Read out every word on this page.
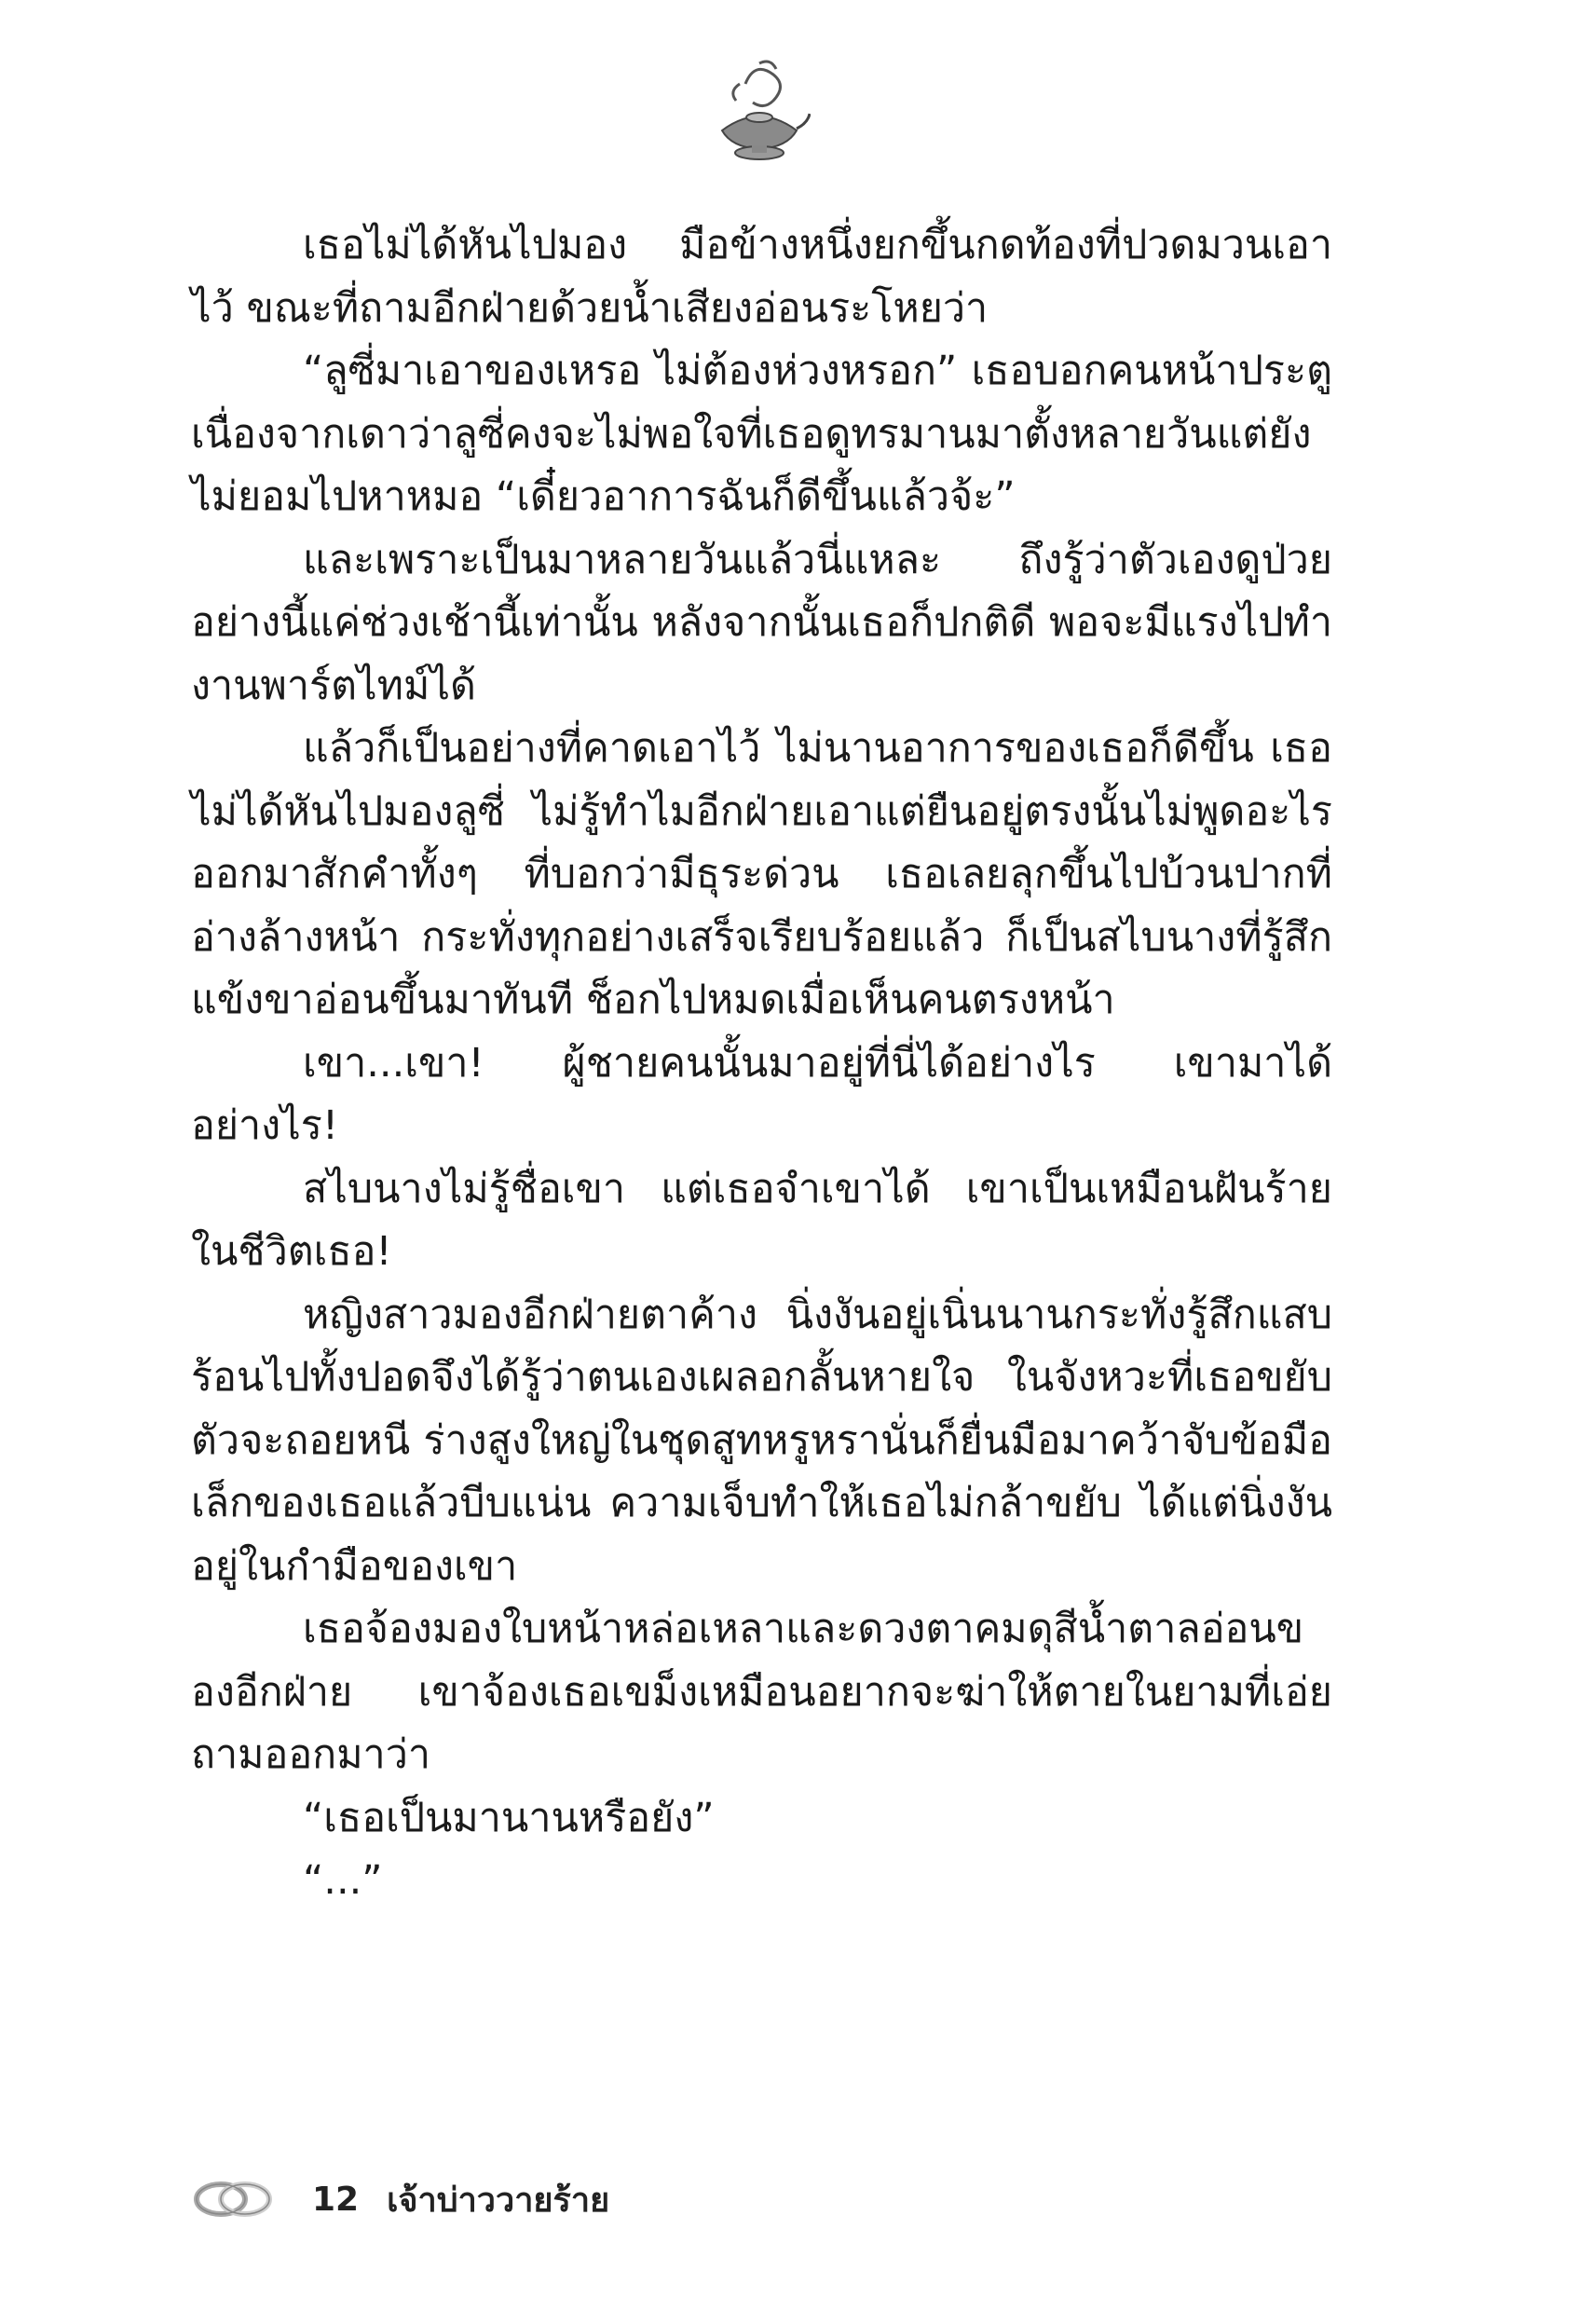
เธอไม่ได้หันไปมอง มือข้างหนึ่งยกขึ้นกดท้องที่ปวดมวนเอาไว้ ขณะที่ถามอีกฝ่ายด้วยน้ำเสียงอ่อนระโหยว่า

“ลูซี่มาเอาของเหรอ ไม่ต้องห่วงหรอก” เธอบอกคนหน้าประตูเนื่องจากเดาว่าลูซี่คงจะไม่พอใจที่เธอดูทรมานมาตั้งหลายวันแต่ยังไม่ยอมไปหาหมอ “เดี๋ยวอาการฉันก็ดีขึ้นแล้วจ้ะ”

และเพราะเป็นมาหลายวันแล้วนี่แหละ ถึงรู้ว่าตัวเองดูป่วยอย่างนี้แค่ช่วงเช้านี้เท่านั้น หลังจากนั้นเธอก็ปกติดี พอจะมีแรงไปทำงานพาร์ตไทม์ได้

แล้วก็เป็นอย่างที่คาดเอาไว้ ไม่นานอาการของเธอก็ดีขึ้น เธอไม่ได้หันไปมองลูซี่ ไม่รู้ทำไมอีกฝ่ายเอาแต่ยืนอยู่ตรงนั้นไม่พูดอะไรออกมาสักคำทั้งๆ ที่บอกว่ามีธุระด่วน เธอเลยลุกขึ้นไปบ้วนปากที่อ่างล้างหน้า กระทั่งทุกอย่างเสร็จเรียบร้อยแล้ว ก็เป็นสไบนางที่รู้สึกแข้งขาอ่อนขึ้นมาทันที ช็อกไปหมดเมื่อเห็นคนตรงหน้า

เขา...เขา! ผู้ชายคนนั้นมาอยู่ที่นี่ได้อย่างไร เขามาได้อย่างไร!

สไบนางไม่รู้ชื่อเขา แต่เธอจำเขาได้ เขาเป็นเหมือนฝันร้ายในชีวิตเธอ!

หญิงสาวมองอีกฝ่ายตาค้าง นิ่งงันอยู่เนิ่นนานกระทั่งรู้สึกแสบร้อนไปทั้งปอดจึงได้รู้ว่าตนเองเผลอกลั้นหายใจ ในจังหวะที่เธอขยับตัวจะถอยหนี ร่างสูงใหญ่ในชุดสูทหรูหรานั่นก็ยื่นมือมาคว้าจับข้อมือเล็กของเธอแล้วบีบแน่น ความเจ็บทำให้เธอไม่กล้าขยับ ได้แต่นิ่งงันอยู่ในกำมือของเขา

เธอจ้องมองใบหน้าหล่อเหลาและดวงตาคมดุสีน้ำตาลอ่อนของอีกฝ่าย เขาจ้องเธอเขม็งเหมือนอยากจะฆ่าให้ตายในยามที่เอ่ยถามออกมาว่า

“เธอเป็นมานานหรือยัง”

“...”

12 เจ้าบ่าววายร้าย
